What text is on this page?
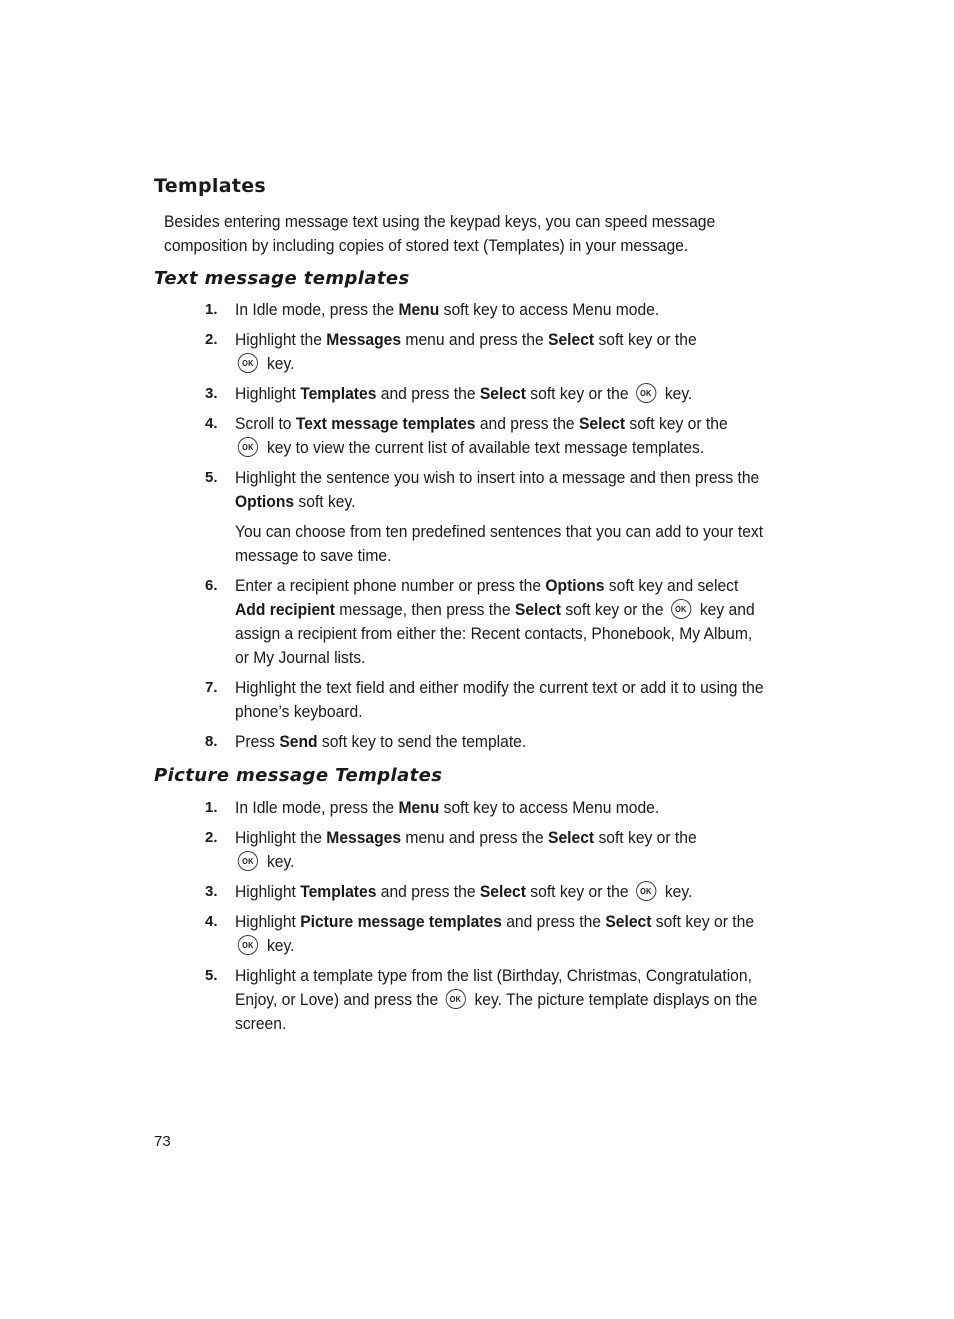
Templates

Besides entering message text using the keypad keys, you can speed message composition by including copies of stored text (Templates) in your message.

Text message templates
1. In Idle mode, press the Menu soft key to access Menu mode.
2. Highlight the Messages menu and press the Select soft key or the
OK key.
3. Highlight Templates and press the Select soft key or the OK key.
4. Scroll to Text message templates and press the Select soft key or the
OK key to view the current list of available text message templates.
5. Highlight the sentence you wish to insert into a message and then press the Options soft key.
You can choose from ten predefined sentences that you can add to your text message to save time.
6. Enter a recipient phone number or press the Options soft key and select Add recipient message, then press the Select soft key or the OK key and assign a recipient from either the: Recent contacts, Phonebook, My Album, or My Journal lists.
7. Highlight the text field and either modify the current text or add it to using the phone’s keyboard.
8. Press Send soft key to send the template.
Picture message Templates
1. In Idle mode, press the Menu soft key to access Menu mode.
2. Highlight the Messages menu and press the Select soft key or the
OK key.
3. Highlight Templates and press the Select soft key or the OK key.
4. Highlight Picture message templates and press the Select soft key or the
OK key.
5. Highlight a template type from the list (Birthday, Christmas, Congratulation, Enjoy, or Love) and press the OK key. The picture template displays on the screen.
73
